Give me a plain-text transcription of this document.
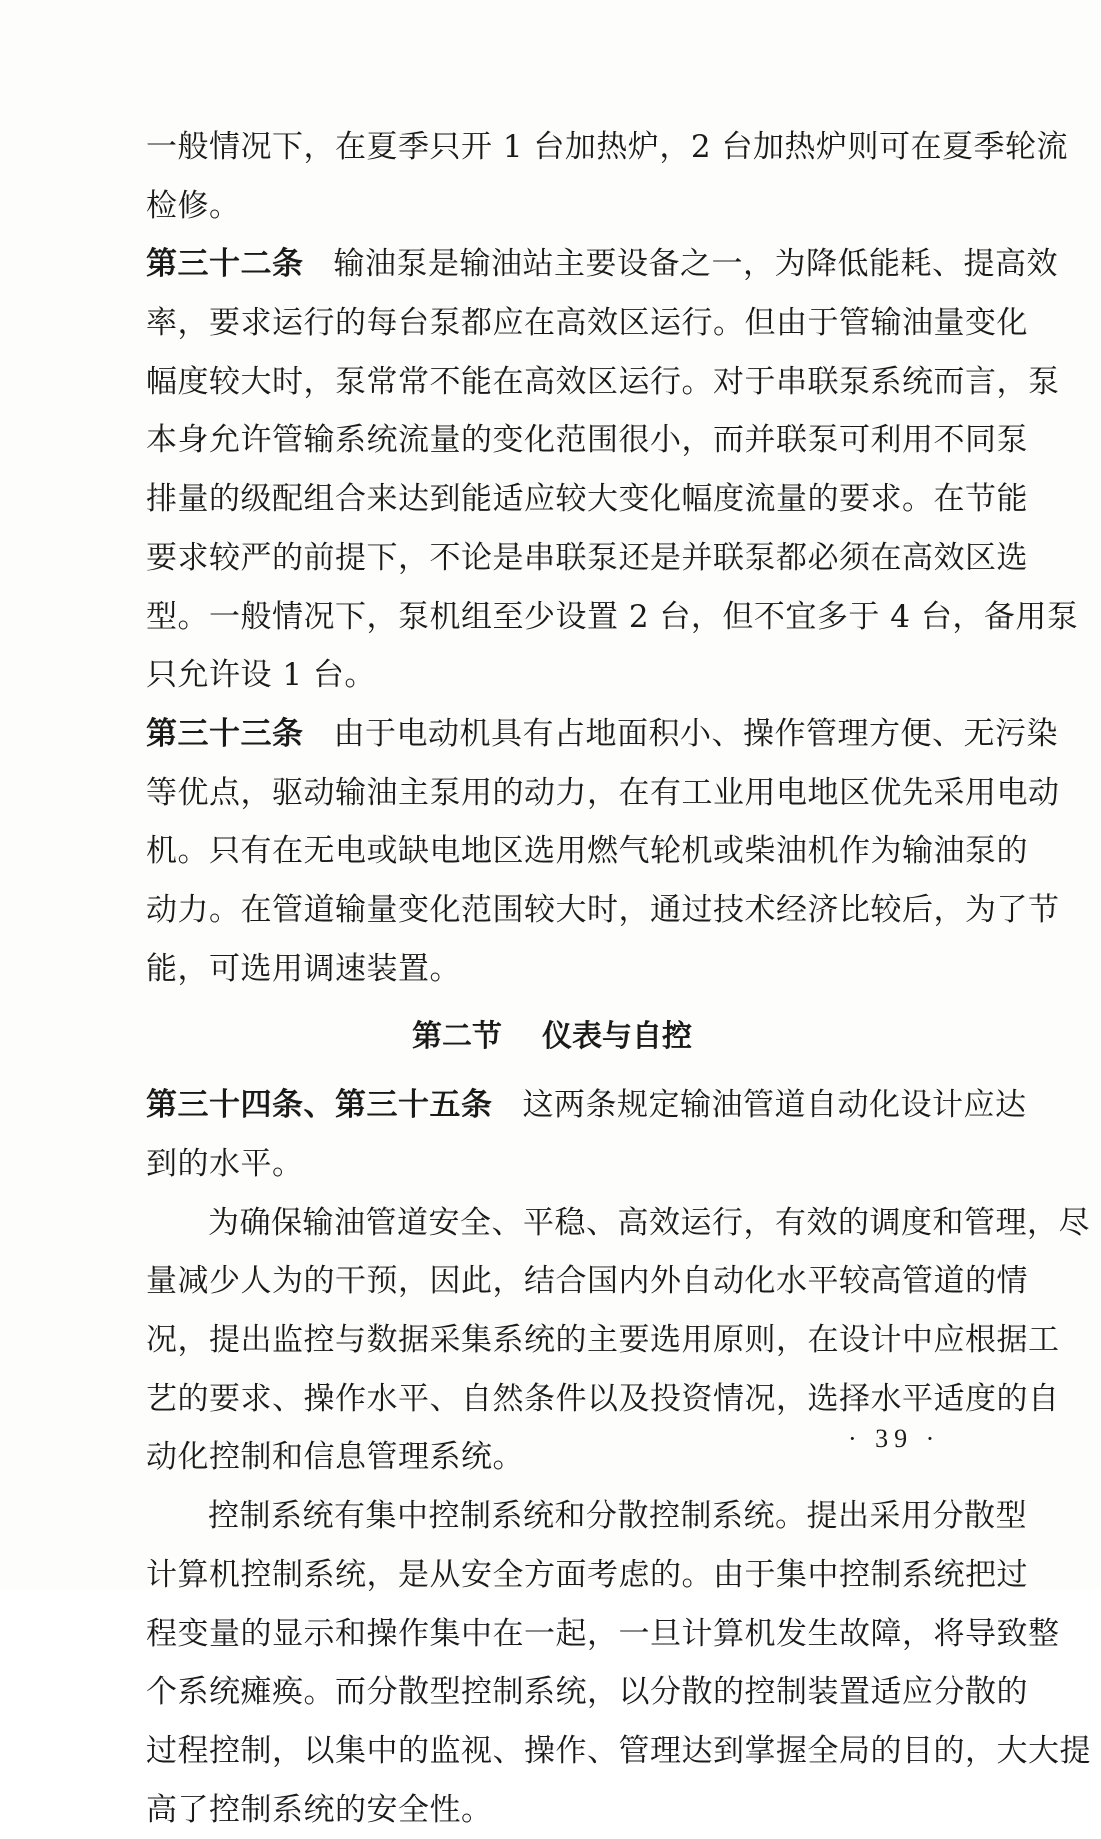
一般情况下，在夏季只开 1 台加热炉，2 台加热炉则可在夏季轮流
检修。
第三十二条 输油泵是输油站主要设备之一，为降低能耗、提高效
率，要求运行的每台泵都应在高效区运行。但由于管输油量变化
幅度较大时，泵常常不能在高效区运行。对于串联泵系统而言，泵
本身允许管输系统流量的变化范围很小，而并联泵可利用不同泵
排量的级配组合来达到能适应较大变化幅度流量的要求。在节能
要求较严的前提下，不论是串联泵还是并联泵都必须在高效区选
型。一般情况下，泵机组至少设置 2 台，但不宜多于 4 台，备用泵
只允许设 1 台。
第三十三条 由于电动机具有占地面积小、操作管理方便、无污染
等优点，驱动输油主泵用的动力，在有工业用电地区优先采用电动
机。只有在无电或缺电地区选用燃气轮机或柴油机作为输油泵的
动力。在管道输量变化范围较大时，通过技术经济比较后，为了节
能，可选用调速装置。
第二节 仪表与自控
第三十四条、第三十五条 这两条规定输油管道自动化设计应达
到的水平。
为确保输油管道安全、平稳、高效运行，有效的调度和管理，尽
量减少人为的干预，因此，结合国内外自动化水平较高管道的情
况，提出监控与数据采集系统的主要选用原则，在设计中应根据工
艺的要求、操作水平、自然条件以及投资情况，选择水平适度的自
动化控制和信息管理系统。
控制系统有集中控制系统和分散控制系统。提出采用分散型
计算机控制系统，是从安全方面考虑的。由于集中控制系统把过
程变量的显示和操作集中在一起，一旦计算机发生故障，将导致整
个系统瘫痪。而分散型控制系统，以分散的控制装置适应分散的
过程控制，以集中的监视、操作、管理达到掌握全局的目的，大大提
高了控制系统的安全性。
· 39 ·
